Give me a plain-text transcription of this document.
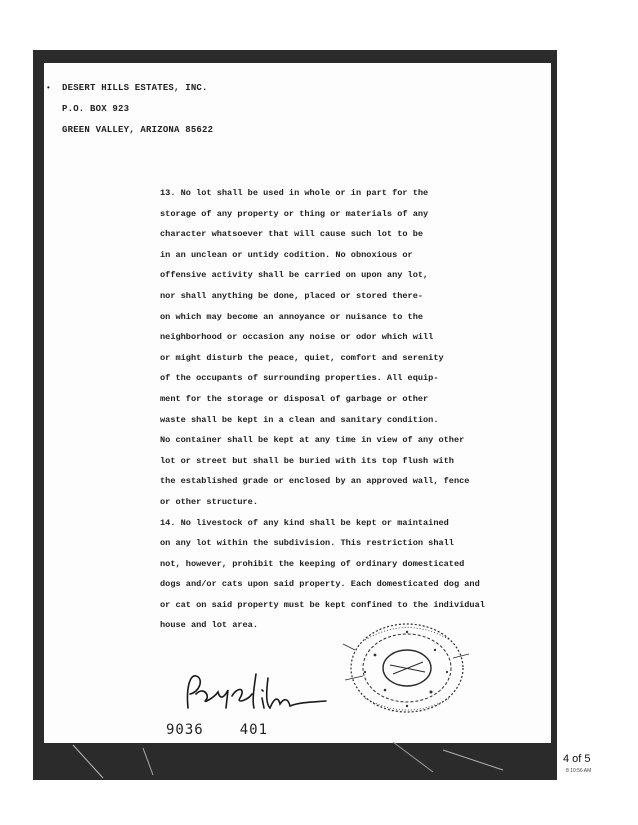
• DESERT HILLS ESTATES, INC.
P.O. BOX 923
GREEN VALLEY, ARIZONA 85622
13. No lot shall be used in whole or in part for the
storage of any property or thing or materials of any
character whatsoever that will cause such lot to be
in an unclean or untidy codition. No obnoxious or
offensive activity shall be carried on upon any lot,
nor shall anything be done, placed or stored there-
on which may become an annoyance or nuisance to the
neighborhood or occasion any noise or odor which will
or might disturb the peace, quiet, comfort and serenity
of the occupants of surrounding properties. All equip-
ment for the storage or disposal of garbage or other
waste shall be kept in a clean and sanitary condition.
No container shall be kept at any time in view of any other
lot or street but shall be buried with its top flush with
the established grade or enclosed by an approved wall, fence
or other structure.
14. No livestock of any kind shall be kept or maintained
on any lot within the subdivision. This restriction shall
not, however, prohibit the keeping of ordinary domesticated
dogs and/or cats upon said property. Each domesticated dog and
or cat on said property must be kept confined to the individual
house and lot area.
9036	401
4 of 5
8 10:56 AM
